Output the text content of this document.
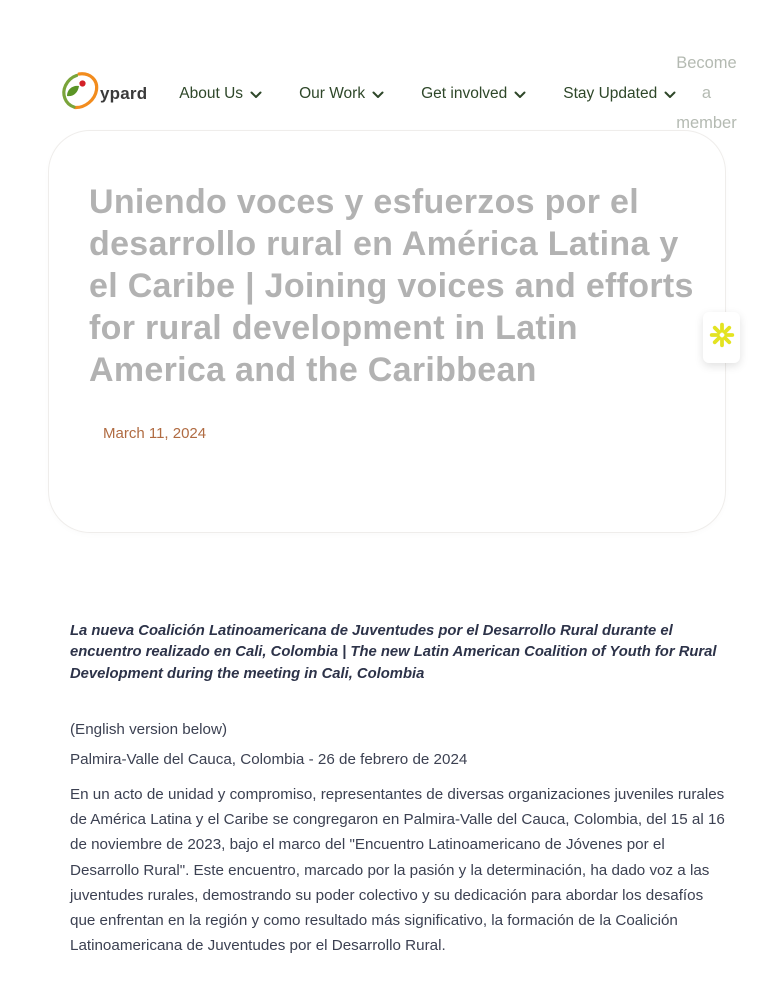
ypard About Us	Our Work	Get involved	Stay Updated
Become a member
Uniendo voces y esfuerzos por el desarrollo rural en América Latina y el Caribe | Joining voices and efforts for rural development in Latin America and the Caribbean
March 11, 2024

La nueva Coalición Latinoamericana de Juventudes por el Desarrollo Rural durante el encuentro realizado en Cali, Colombia | The new Latin American Coalition of Youth for Rural Development during the meeting in Cali, Colombia

(English version below)

Palmira-Valle del Cauca, Colombia - 26 de febrero de 2024

En un acto de unidad y compromiso, representantes de diversas organizaciones juveniles rurales de América Latina y el Caribe se congregaron en Palmira-Valle del Cauca, Colombia, del 15 al 16 de noviembre de 2023, bajo el marco del "Encuentro Latinoamericano de Jóvenes por el Desarrollo Rural". Este encuentro, marcado por la pasión y la determinación, ha dado voz a las juventudes rurales, demostrando su poder colectivo y su dedicación para abordar los desafíos que enfrentan en la región y como resultado más significativo, la formación de la Coalición Latinoamericana de Juventudes por el Desarrollo Rural.
